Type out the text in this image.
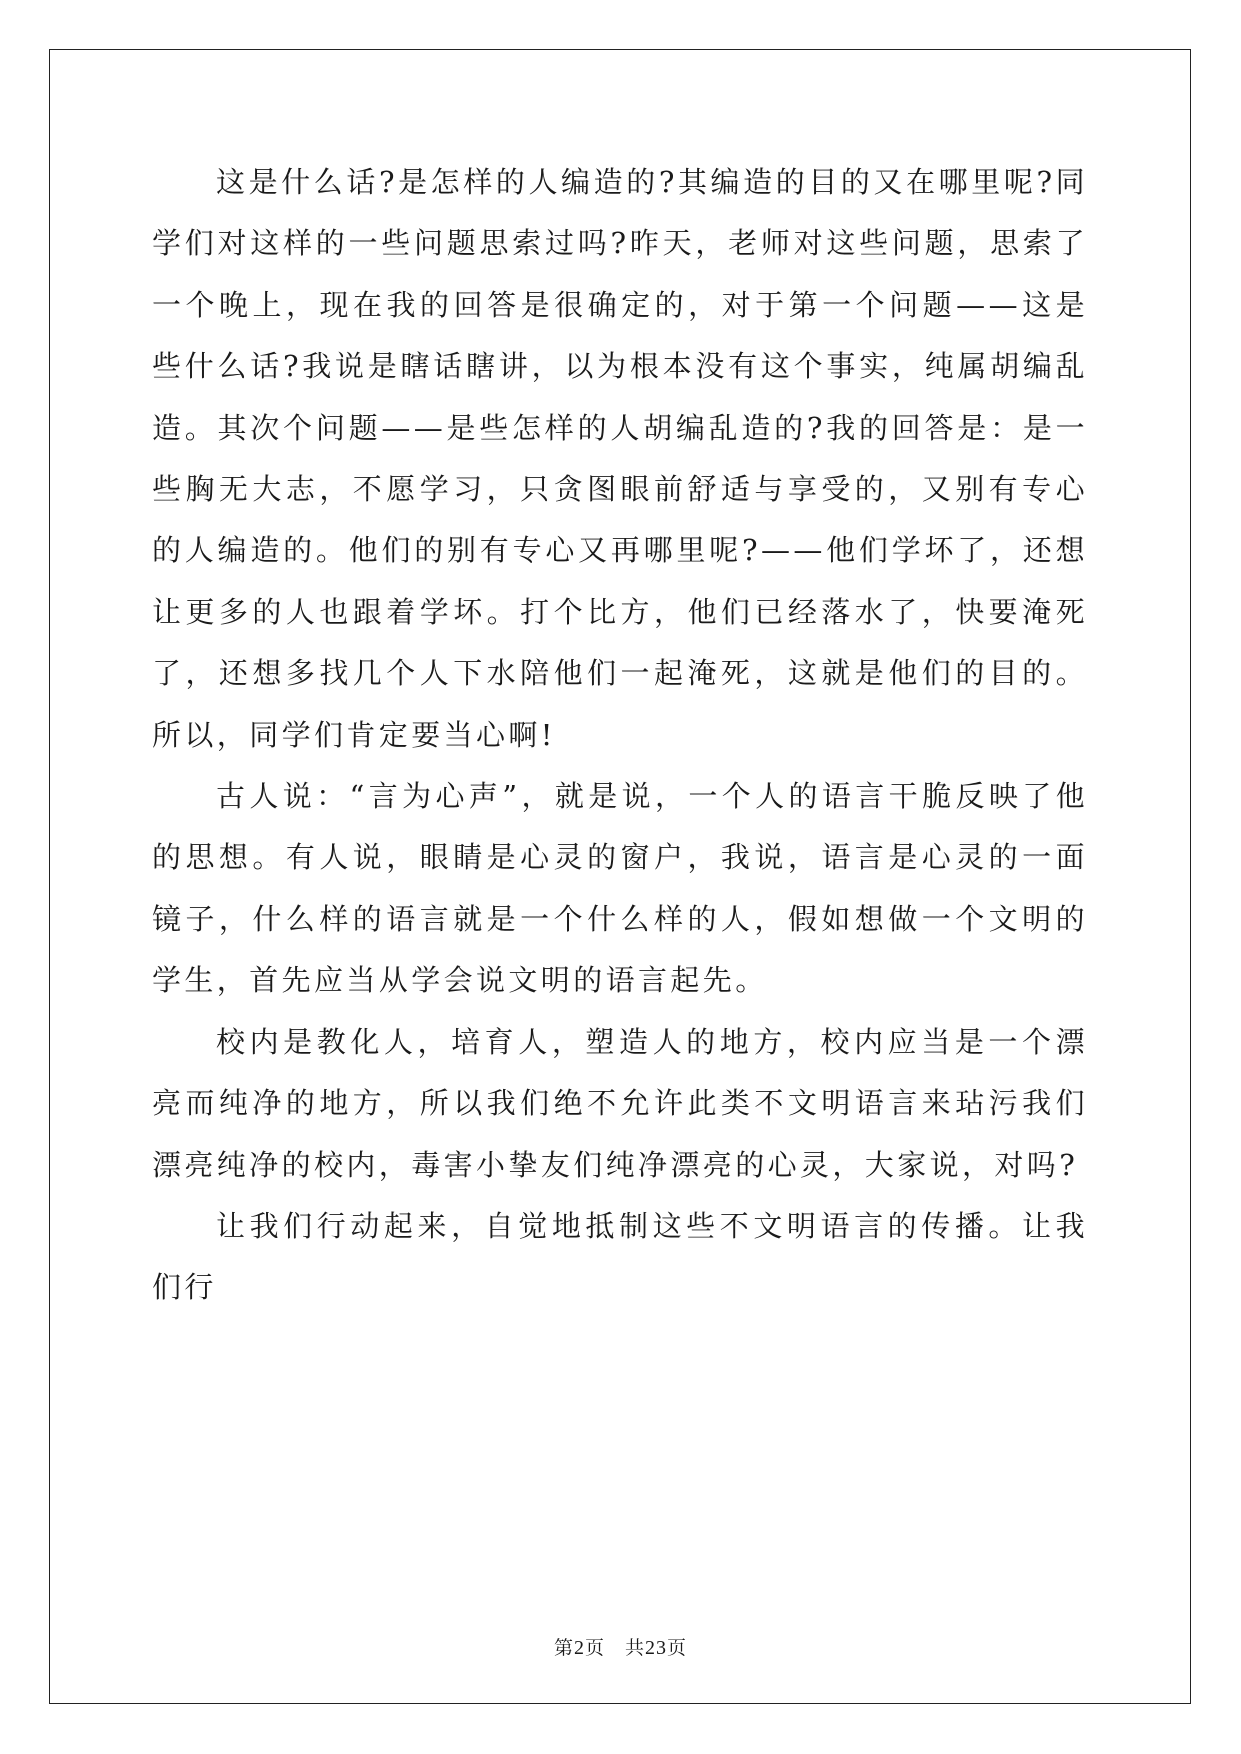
这是什么话?是怎样的人编造的?其编造的目的又在哪里呢?同学们对这样的一些问题思索过吗?昨天，老师对这些问题，思索了一个晚上，现在我的回答是很确定的，对于第一个问题——这是些什么话?我说是瞎话瞎讲，以为根本没有这个事实，纯属胡编乱造。其次个问题——是些怎样的人胡编乱造的?我的回答是：是一些胸无大志，不愿学习，只贪图眼前舒适与享受的，又别有专心的人编造的。他们的别有专心又再哪里呢?——他们学坏了，还想让更多的人也跟着学坏。打个比方，他们已经落水了，快要淹死了，还想多找几个人下水陪他们一起淹死，这就是他们的目的。所以，同学们肯定要当心啊!

古人说：“言为心声”，就是说，一个人的语言干脆反映了他的思想。有人说，眼睛是心灵的窗户，我说，语言是心灵的一面镜子，什么样的语言就是一个什么样的人，假如想做一个文明的学生，首先应当从学会说文明的语言起先。

校内是教化人，培育人，塑造人的地方，校内应当是一个漂亮而纯净的地方，所以我们绝不允许此类不文明语言来玷污我们漂亮纯净的校内，毒害小挚友们纯净漂亮的心灵，大家说，对吗?

让我们行动起来，自觉地抵制这些不文明语言的传播。让我们行

第2页　共23页
